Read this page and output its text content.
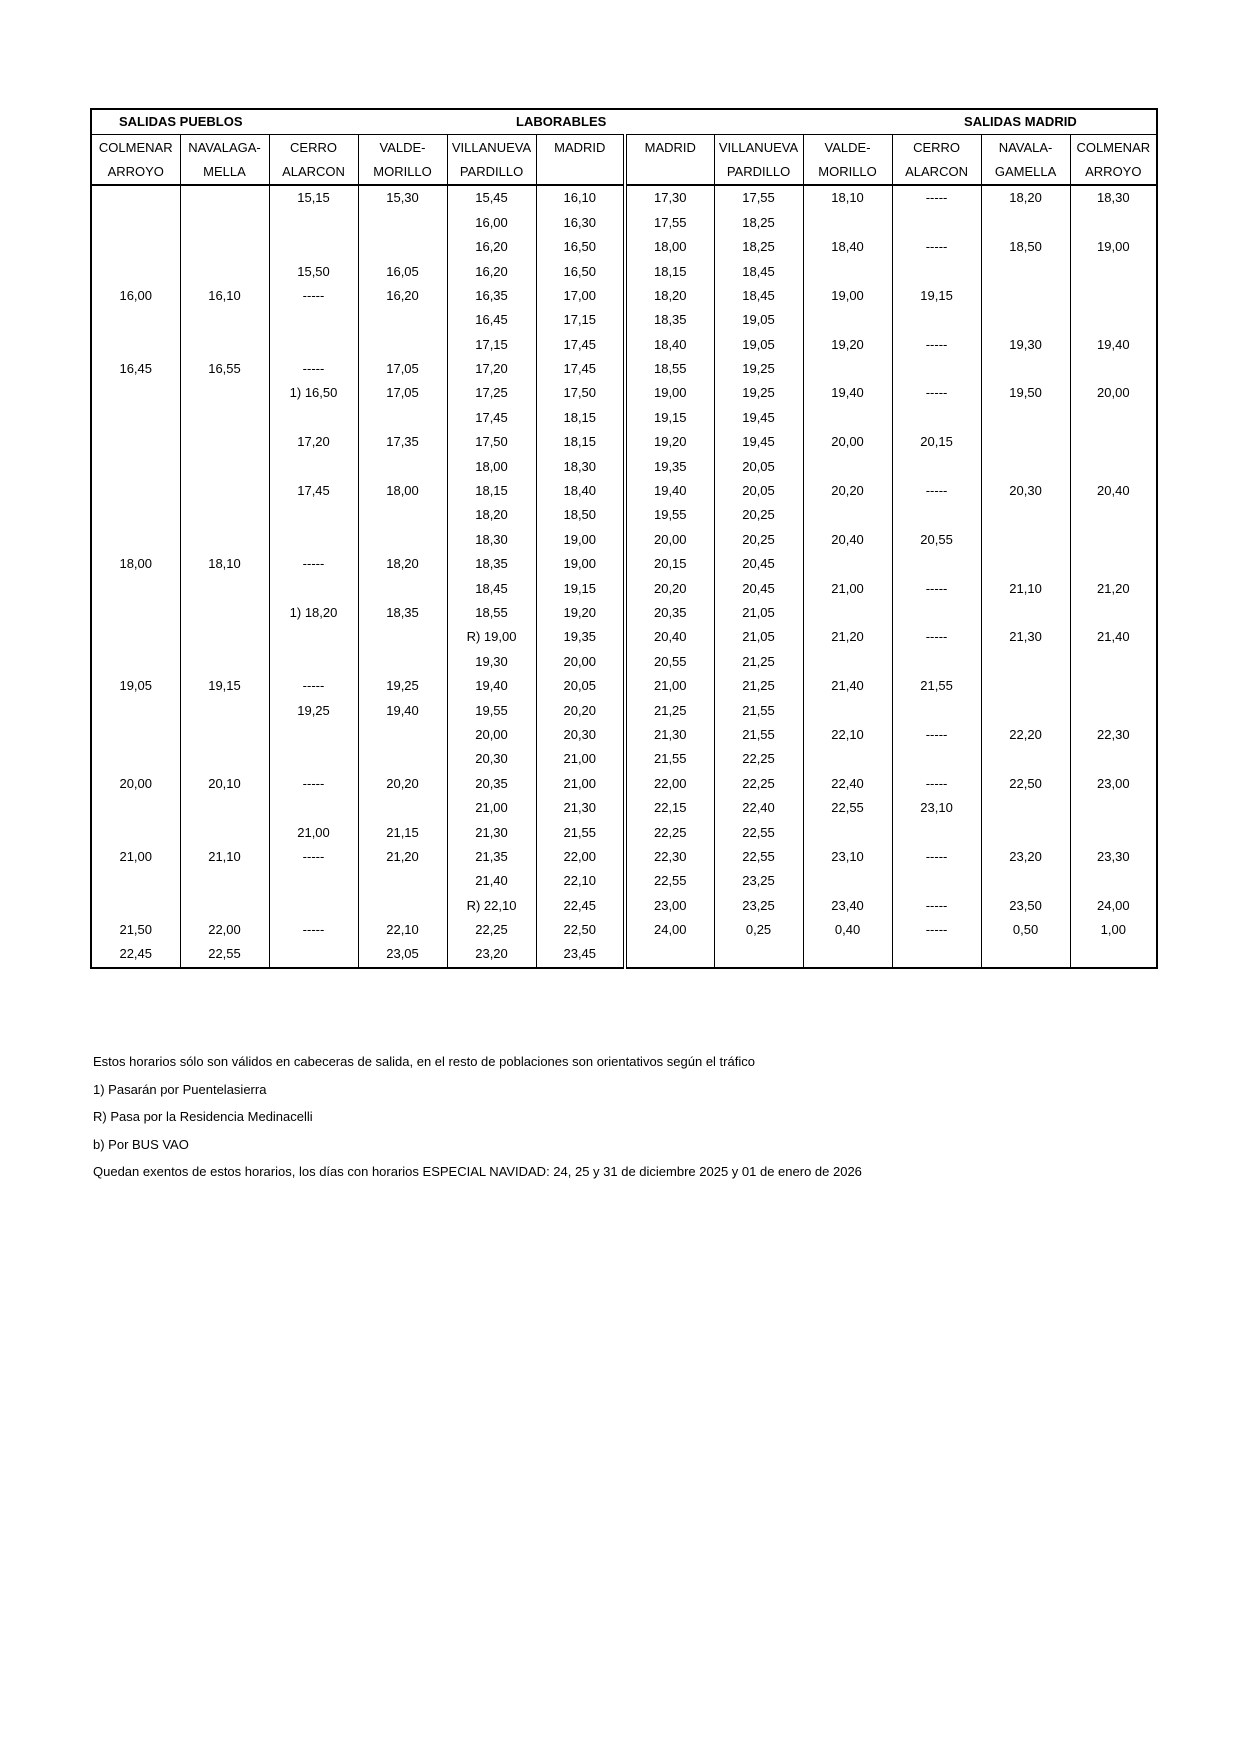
SALIDAS PUEBLOS			LABORABLES						SALIDAS MADRID		
COLMENAR	NAVALAGA-	CERRO	VALDE-	VILLANUEVA	MADRID	MADRID	VILLANUEVA	VALDE-	CERRO	NAVALA-	COLMENAR
ARROYO	MELLA	ALARCON	MORILLO	PARDILLO			PARDILLO	MORILLO	ALARCON	GAMELLA	ARROYO
		15,15	15,30	15,45	16,10	17,30	17,55	18,10	-----	18,20	18,30
				16,00	16,30	17,55	18,25				
				16,20	16,50	18,00	18,25	18,40	-----	18,50	19,00
		15,50	16,05	16,20	16,50	18,15	18,45				
16,00	16,10	-----	16,20	16,35	17,00	18,20	18,45	19,00	19,15		
				16,45	17,15	18,35	19,05				
				17,15	17,45	18,40	19,05	19,20	-----	19,30	19,40
16,45	16,55	-----	17,05	17,20	17,45	18,55	19,25				
		1) 16,50	17,05	17,25	17,50	19,00	19,25	19,40	-----	19,50	20,00
				17,45	18,15	19,15	19,45				
		17,20	17,35	17,50	18,15	19,20	19,45	20,00	20,15		
				18,00	18,30	19,35	20,05				
		17,45	18,00	18,15	18,40	19,40	20,05	20,20	-----	20,30	20,40
				18,20	18,50	19,55	20,25				
				18,30	19,00	20,00	20,25	20,40	20,55		
18,00	18,10	-----	18,20	18,35	19,00	20,15	20,45				
				18,45	19,15	20,20	20,45	21,00	-----	21,10	21,20
		1) 18,20	18,35	18,55	19,20	20,35	21,05				
				R) 19,00	19,35	20,40	21,05	21,20	-----	21,30	21,40
				19,30	20,00	20,55	21,25				
19,05	19,15	-----	19,25	19,40	20,05	21,00	21,25	21,40	21,55		
		19,25	19,40	19,55	20,20	21,25	21,55				
				20,00	20,30	21,30	21,55	22,10	-----	22,20	22,30
				20,30	21,00	21,55	22,25				
20,00	20,10	-----	20,20	20,35	21,00	22,00	22,25	22,40	-----	22,50	23,00
				21,00	21,30	22,15	22,40	22,55	23,10		
		21,00	21,15	21,30	21,55	22,25	22,55				
21,00	21,10	-----	21,20	21,35	22,00	22,30	22,55	23,10	-----	23,20	23,30
				21,40	22,10	22,55	23,25				
				R) 22,10	22,45	23,00	23,25	23,40	-----	23,50	24,00
21,50	22,00	-----	22,10	22,25	22,50	24,00	0,25	0,40	-----	0,50	1,00
22,45	22,55		23,05	23,20	23,45						
Estos horarios sólo son válidos en cabeceras de salida, en el resto de poblaciones son orientativos según el tráfico
1) Pasarán por Puentelasierra
R) Pasa por la Residencia Medinacelli
b) Por BUS VAO
Quedan exentos de estos horarios, los días con horarios ESPECIAL NAVIDAD: 24, 25 y 31 de diciembre 2025 y 01 de enero de 2026
